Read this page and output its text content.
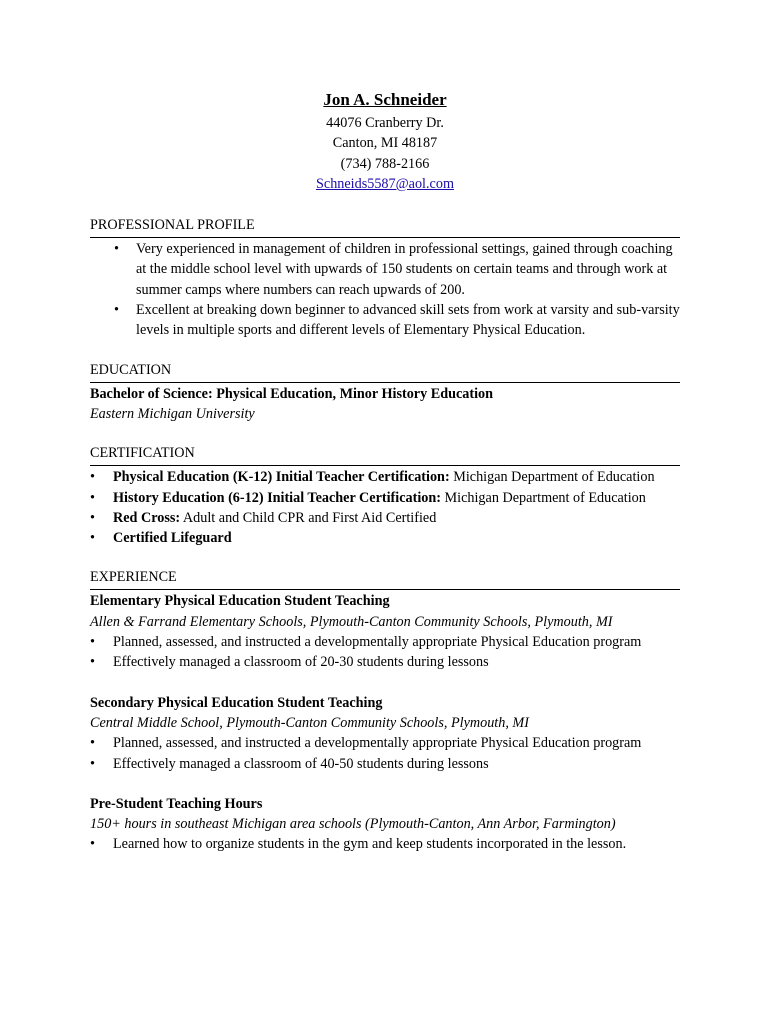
Jon A. Schneider
44076 Cranberry Dr.
Canton, MI 48187
(734) 788-2166
Schneids5587@aol.com
PROFESSIONAL PROFILE
• Very experienced in management of children in professional settings, gained through coaching at the middle school level with upwards of 150 students on certain teams and through work at summer camps where numbers can reach upwards of 200.
• Excellent at breaking down beginner to advanced skill sets from work at varsity and sub-varsity levels in multiple sports and different levels of Elementary Physical Education.
EDUCATION
Bachelor of Science: Physical Education, Minor History Education
Eastern Michigan University
CERTIFICATION
• Physical Education (K-12) Initial Teacher Certification: Michigan Department of Education
• History Education (6-12) Initial Teacher Certification: Michigan Department of Education
• Red Cross: Adult and Child CPR and First Aid Certified
• Certified Lifeguard
EXPERIENCE
Elementary Physical Education Student Teaching
Allen & Farrand Elementary Schools, Plymouth-Canton Community Schools, Plymouth, MI
• Planned, assessed, and instructed a developmentally appropriate Physical Education program
• Effectively managed a classroom of 20-30 students during lessons
Secondary Physical Education Student Teaching
Central Middle School, Plymouth-Canton Community Schools, Plymouth, MI
• Planned, assessed, and instructed a developmentally appropriate Physical Education program
• Effectively managed a classroom of 40-50 students during lessons
Pre-Student Teaching Hours
150+ hours in southeast Michigan area schools (Plymouth-Canton, Ann Arbor, Farmington)
• Learned how to organize students in the gym and keep students incorporated in the lesson.
